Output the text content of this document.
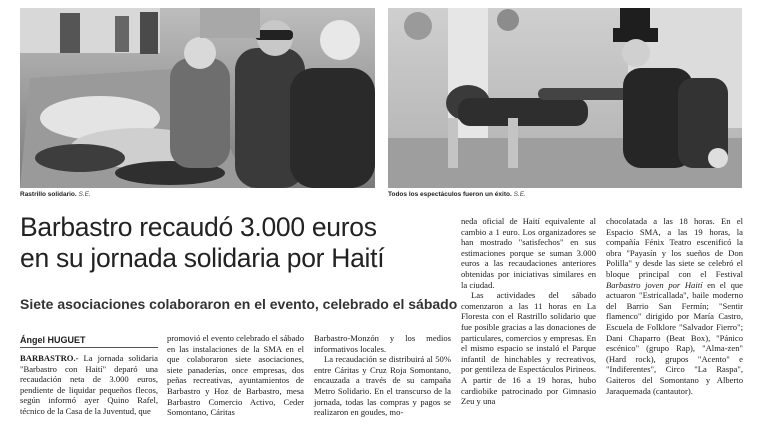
Rastrillo solidario. S.E.	Todos los espectáculos fueron un éxito. S.E.
Barbastro recaudó 3.000 euros
en su jornada solidaria por Haití
Siete asociaciones colaboraron en el evento, celebrado el sábado
Ángel HUGUET

BARBASTRO.- La jornada solidaria "Barbastro con Haití" deparó una recaudación neta de 3.000 euros, pendiente de liquidar pequeños flecos, según informó ayer Quino Rafel, técnico de la Casa de la Juventud, que

promovió el evento celebrado el sábado en las instalaciones de la SMA en el que colaboraron siete asociaciones, siete panaderías, once empresas, dos peñas recreativas, ayuntamientos de Barbastro y Hoz de Barbastro, mesa Barbastro Comercio Activo, Ceder Somontano, Cáritas

Barbastro-Monzón y los medios informativos locales.

La recaudación se distribuirá al 50% entre Cáritas y Cruz Roja Somontano, encauzada a través de su campaña Metro Solidario. En el transcurso de la jornada, todas las compras y pagos se realizaron en goudes, mo-

neda oficial de Haití equivalente al cambio a 1 euro. Los organizadores se han mostrado "satisfechos" en sus estimaciones porque se suman 3.000 euros a las recaudaciones anteriores obtenidas por iniciativas similares en la ciudad.

Las actividades del sábado comenzaron a las 11 horas en La Floresta con el Rastrillo solidario que fue posible gracias a las donaciones de particulares, comercios y empresas. En el mismo espacio se instaló el Parque infantil de hinchables y recreativos, por gentileza de Espectáculos Pirineos. A partir de 16 a 19 horas, hubo cardiobike patrocinado por Gimnasio Zeu y una

chocolatada a las 18 horas. En el Espacio SMA, a las 19 horas, la compañía Fénix Teatro escenificó la obra "Payasín y los sueños de Don Polilla" y desde las siete se celebró el bloque principal con el Festival Barbastro joven por Haití en el que actuaron "Estricallada", baile moderno del Barrio San Fermín; "Sentir flamenco" dirigido por María Castro, Escuela de Folklore "Salvador Fierro"; Dani Chaparro (Beat Box), "Pánico escénico" (grupo Rap), "Alma-zen" (Hard rock), grupos "Acento" e "Indiferentes", Circo "La Raspa", Gaiteros del Somontano y Alberto Jaraquemada (cantautor).
